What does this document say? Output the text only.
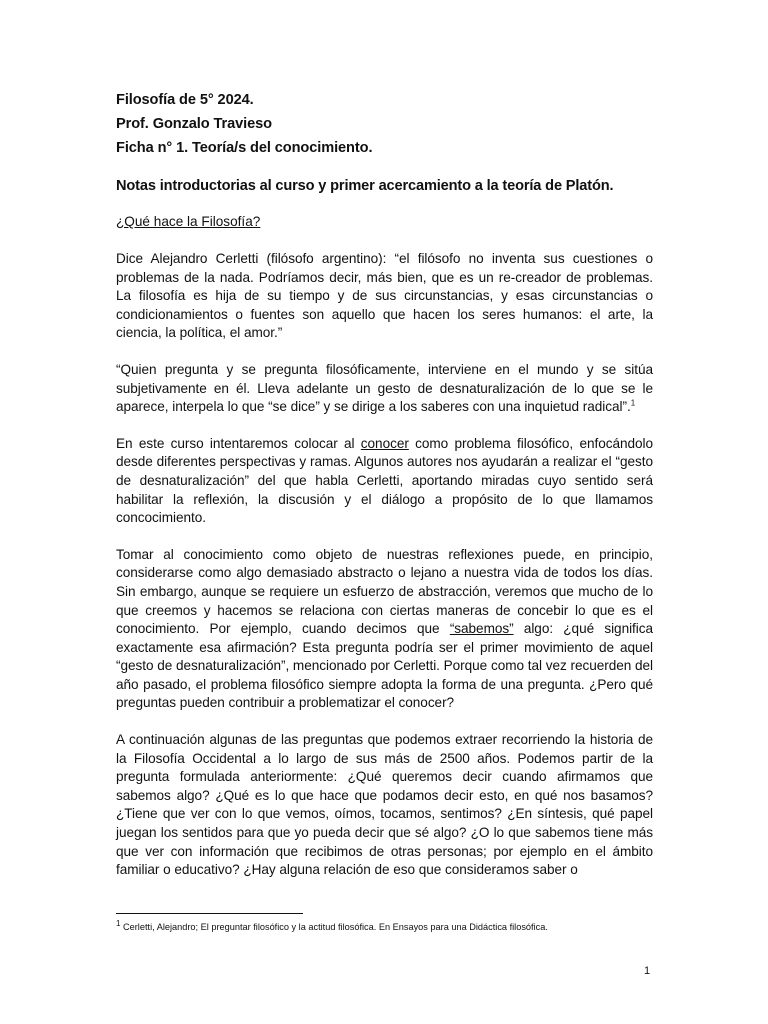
Filosofía de 5° 2024.

Prof. Gonzalo Travieso

Ficha n° 1. Teoría/s del conocimiento.

Notas introductorias al curso y primer acercamiento a la teoría de Platón.

¿Qué hace la Filosofía?

Dice Alejandro Cerletti (filósofo argentino): “el filósofo no inventa sus cuestiones o problemas de la nada. Podríamos decir, más bien, que es un re-creador de problemas. La filosofía es hija de su tiempo y de sus circunstancias, y esas circunstancias o condicionamientos o fuentes son aquello que hacen los seres humanos: el arte, la ciencia, la política, el amor.”

“Quien pregunta y se pregunta filosóficamente, interviene en el mundo y se sitúa subjetivamente en él. Lleva adelante un gesto de desnaturalización de lo que se le aparece, interpela lo que “se dice” y se dirige a los saberes con una inquietud radical”.$^1$

En este curso intentaremos colocar al conocer como problema filosófico, enfocándolo desde diferentes perspectivas y ramas. Algunos autores nos ayudarán a realizar el “gesto de desnaturalización” del que habla Cerletti, aportando miradas cuyo sentido será habilitar la reflexión, la discusión y el diálogo a propósito de lo que llamamos concocimiento.

Tomar al conocimiento como objeto de nuestras reflexiones puede, en principio, considerarse como algo demasiado abstracto o lejano a nuestra vida de todos los días. Sin embargo, aunque se requiere un esfuerzo de abstracción, veremos que mucho de lo que creemos y hacemos se relaciona con ciertas maneras de concebir lo que es el conocimiento. Por ejemplo, cuando decimos que “sabemos” algo: ¿qué significa exactamente esa afirmación? Esta pregunta podría ser el primer movimiento de aquel “gesto de desnaturalización”, mencionado por Cerletti. Porque como tal vez recuerden del año pasado, el problema filosófico siempre adopta la forma de una pregunta. ¿Pero qué preguntas pueden contribuir a problematizar el conocer?

A continuación algunas de las preguntas que podemos extraer recorriendo la historia de la Filosofía Occidental a lo largo de sus más de 2500 años. Podemos partir de la pregunta formulada anteriormente: ¿Qué queremos decir cuando afirmamos que sabemos algo? ¿Qué es lo que hace que podamos decir esto, en qué nos basamos? ¿Tiene que ver con lo que vemos, oímos, tocamos, sentimos? ¿En síntesis, qué papel juegan los sentidos para que yo pueda decir que sé algo? ¿O lo que sabemos tiene más que ver con información que recibimos de otras personas; por ejemplo en el ámbito familiar o educativo? ¿Hay alguna relación de eso que consideramos saber o

$^1$ Cerletti, Alejandro; El preguntar filosófico y la actitud filosófica. En Ensayos para una Didáctica filosófica.
1
